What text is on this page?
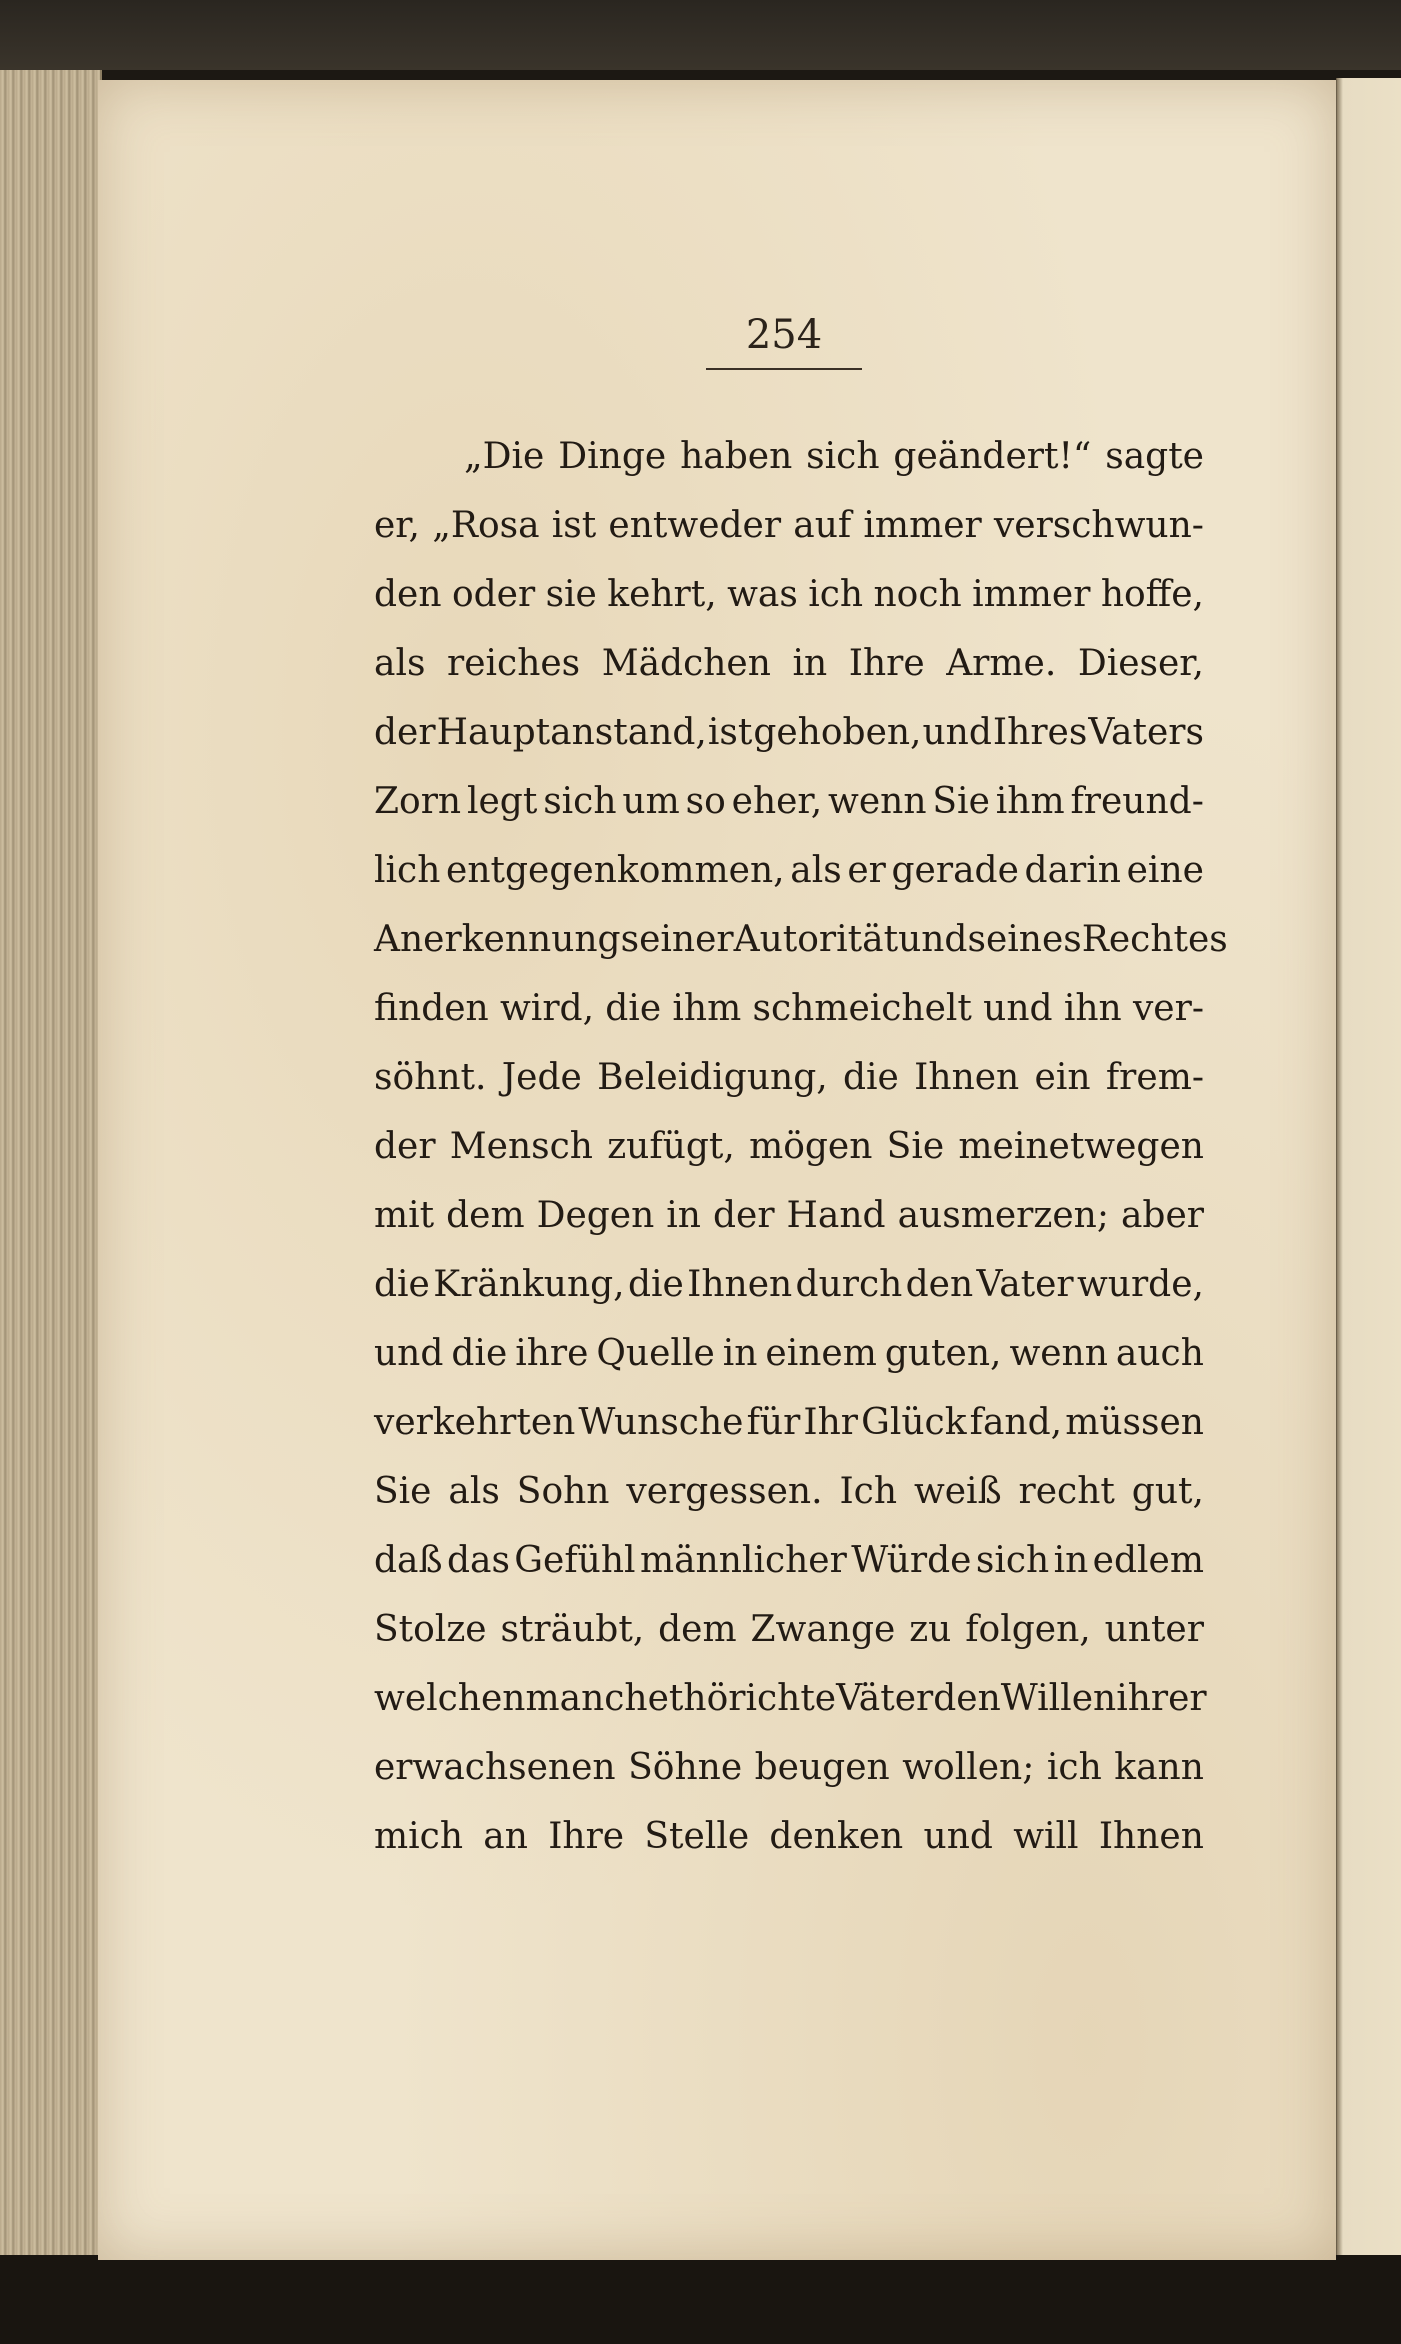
254
„Die Dinge haben sich geändert!“ sagte
er, „Rosa ist entweder auf immer verschwun-
den oder sie kehrt, was ich noch immer hoffe,
als reiches Mädchen in Ihre Arme. Dieser,
der Hauptanstand, ist gehoben, und Ihres Vaters
Zorn legt sich um so eher, wenn Sie ihm freund-
lich entgegenkommen, als er gerade darin eine
Anerkennung seiner Autorität und seines Rechtes
finden wird, die ihm schmeichelt und ihn ver-
söhnt. Jede Beleidigung, die Ihnen ein frem-
der Mensch zufügt, mögen Sie meinetwegen
mit dem Degen in der Hand ausmerzen; aber
die Kränkung, die Ihnen durch den Vater wurde,
und die ihre Quelle in einem guten, wenn auch
verkehrten Wunsche für Ihr Glück fand, müssen
Sie als Sohn vergessen. Ich weiß recht gut,
daß das Gefühl männlicher Würde sich in edlem
Stolze sträubt, dem Zwange zu folgen, unter
welchen manche thörichte Väter den Willen ihrer
erwachsenen Söhne beugen wollen; ich kann
mich an Ihre Stelle denken und will Ihnen
